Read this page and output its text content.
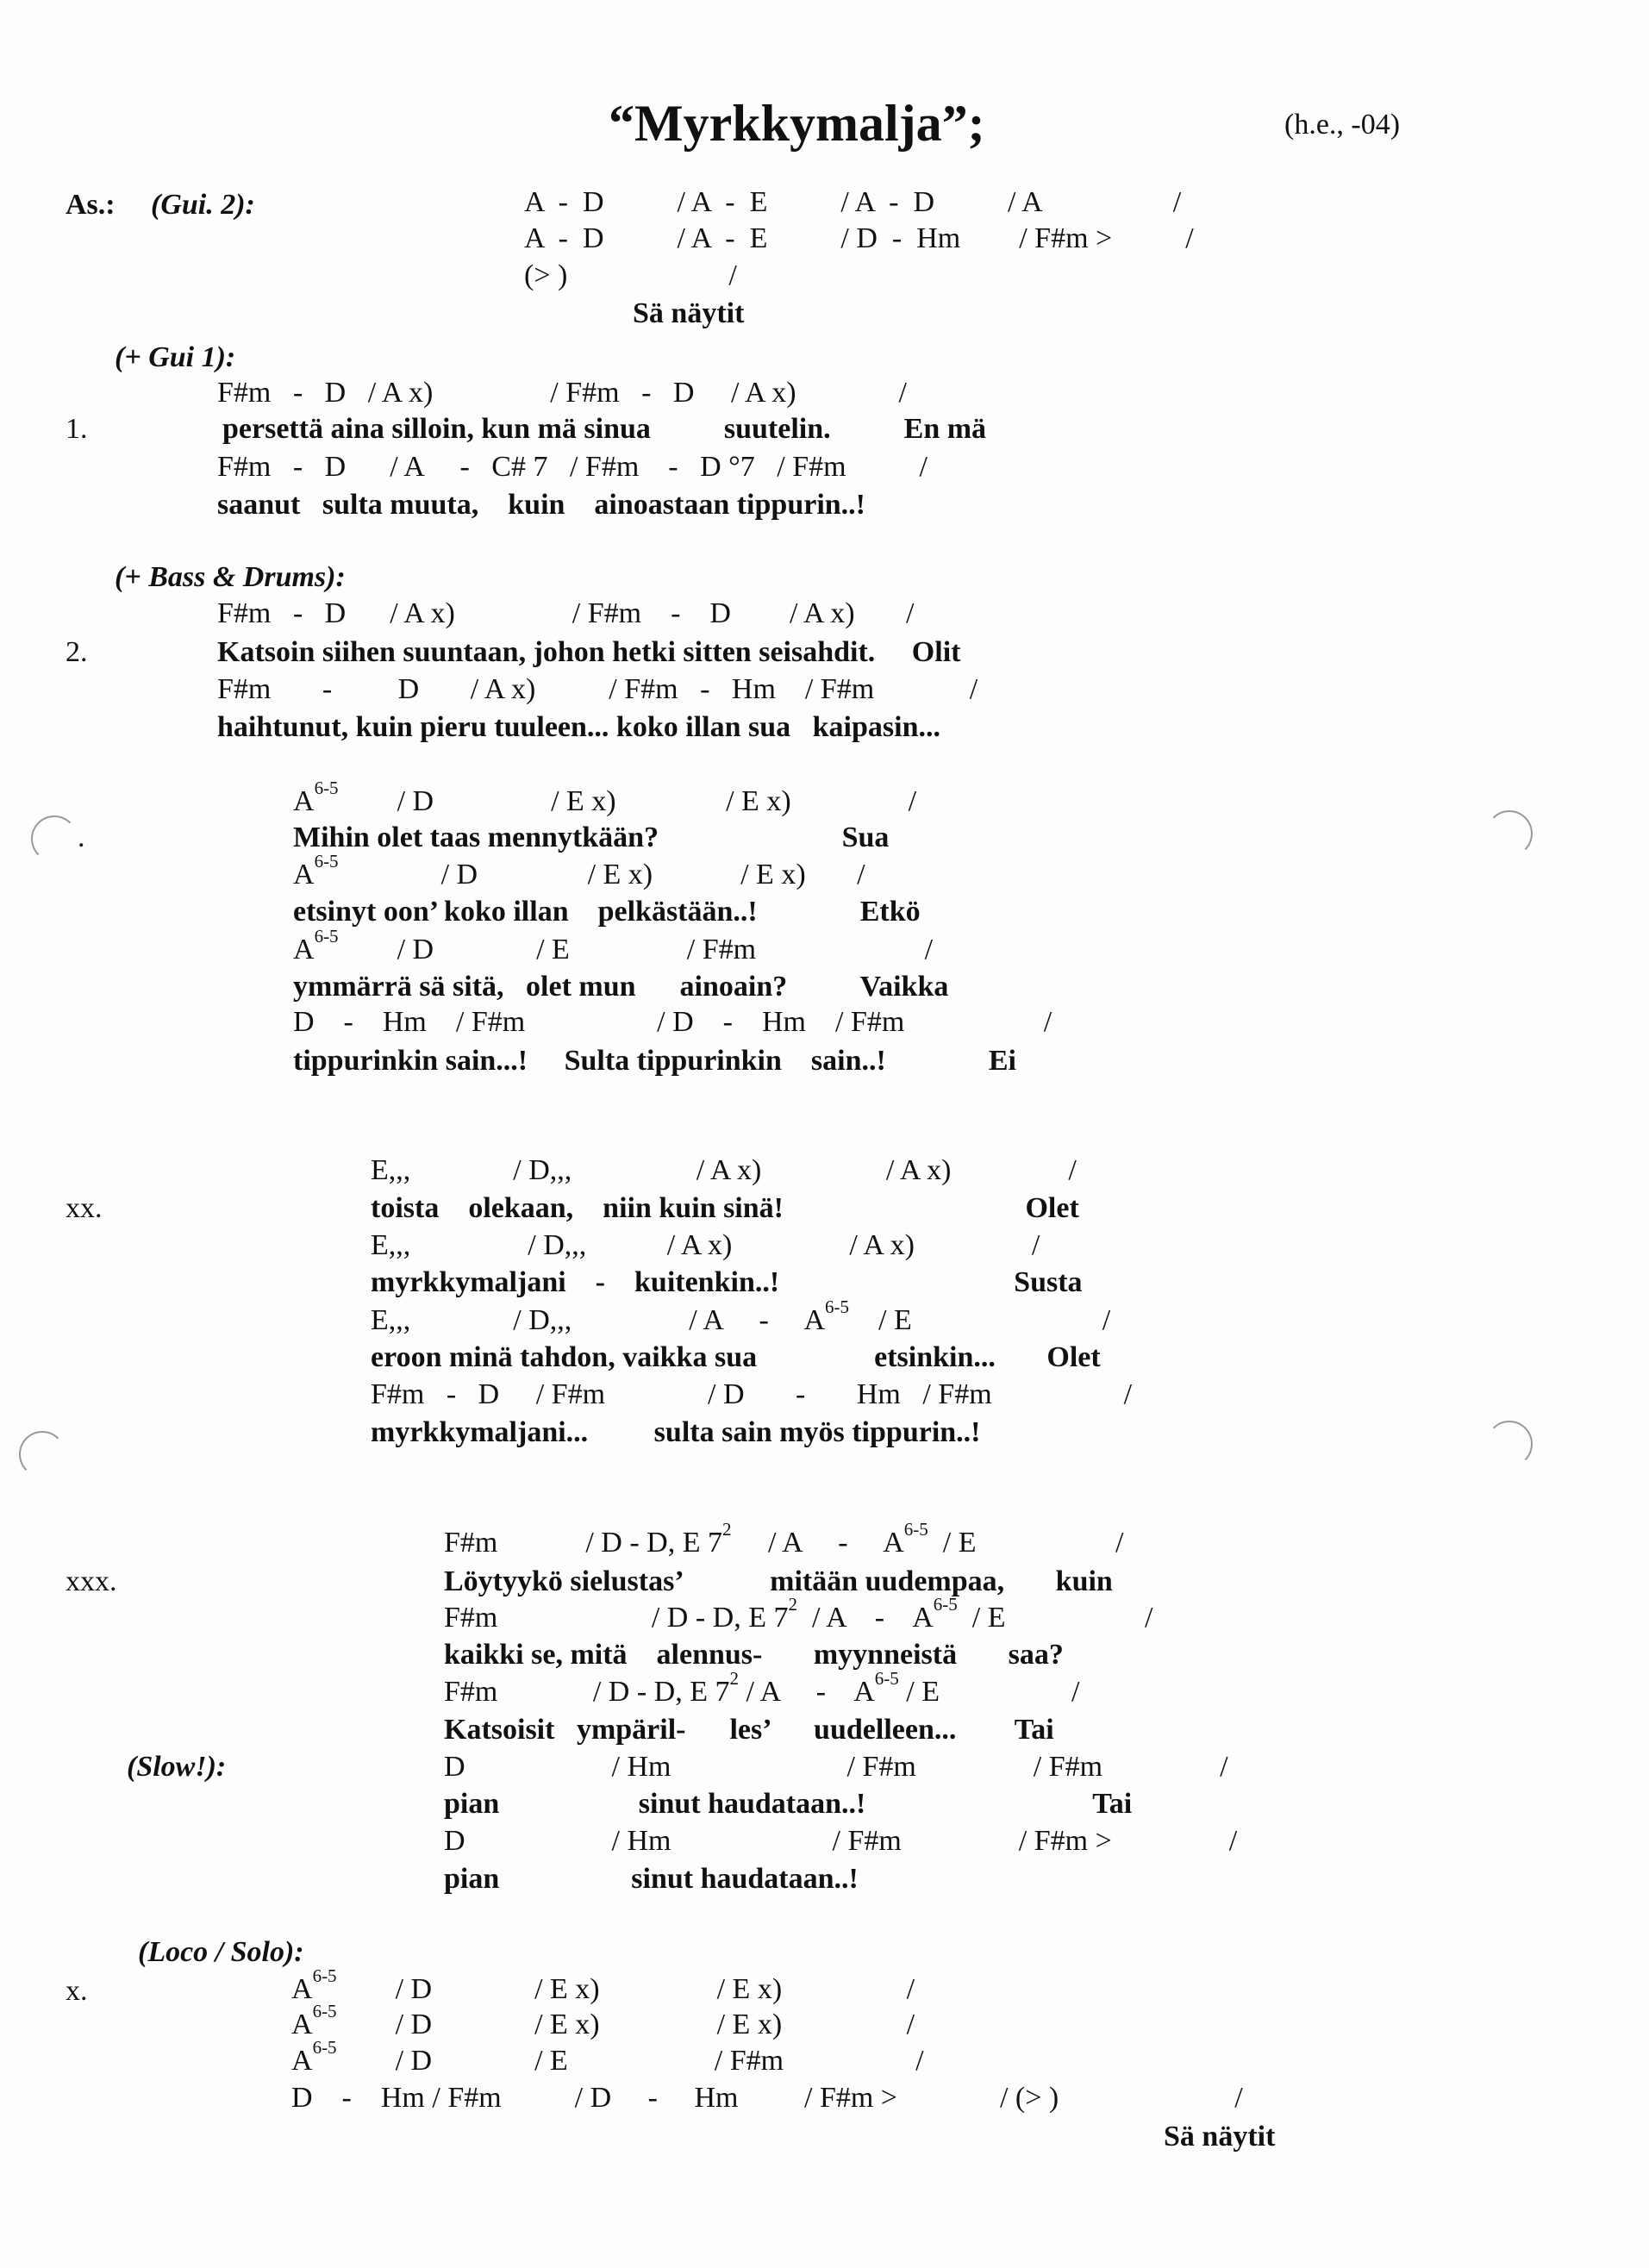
“Myrkkymalja”;	(h.e., -04)
As.: (Gui. 2):	A  -  D          / A  -  E          / A  -  D          / A                  /
A  -  D          / A  -  E          / D  -  Hm        / F#m >          /
(> )                      /
Sä näytit
(+ Gui 1):
F#m   -   D   / A x)                / F#m   -   D     / A x)              /
1.	persettä aina silloin, kun mä sinua          suutelin.          En mä
F#m   -   D      / A     -   C# 7   / F#m    -   D °7   / F#m          /
saanut   sulta muuta,    kuin    ainoastaan tippurin..!
(+ Bass & Drums):
F#m   -   D      / A x)                / F#m    -    D        / A x)       /
2.	Katsoin siihen suuntaan, johon hetki sitten seisahdit.     Olit
F#m       -         D       / A x)          / F#m   -   Hm    / F#m             /
haihtunut, kuin pieru tuuleen... koko illan sua   kaipasin...
$A^{6-5}$ / D                / E x)               / E x)                /
.	Mihin olet taas mennytkään?                         Sua
$A^{6-5}$	/ D               / E x)            / E x)       /
etsinyt oon’ koko illan    pelkästään..!              Etkö
$A^{6-5}$ / D              / E                / F#m                       /
ymmärrä sä sitä,   olet mun      ainoain?          Vaikka
D    -    Hm    / F#m                  / D    -    Hm    / F#m                   /
tippurinkin sain...!     Sulta tippurinkin    sain..!              Ei
E,,,              / D,,,                 / A x)                 / A x)                /
xx.	toista    olekaan,    niin kuin sinä!                                 Olet
E,,,                / D,,,           / A x)                / A x)                /
myrkkymaljani    -    kuitenkin..!                                Susta
E,,,              / D,,,                / A     -     $A^{6-5}$    / E                          /
eroon minä tahdon, vaikka sua                etsinkin...       Olet
F#m   -   D     / F#m              / D       -       Hm   / F#m                  /
myrkkymaljani...         sulta sain myös tippurin..!
F#m            / D - D, E $7^2$     / A     -     $A^{6-5}$  / E                   /
xxx.	Löytyykö sielustas’            mitään uudempaa,       kuin
F#m                     / D - D, E $7^2$  / A    -    $A^{6-5}$  / E                   /
kaikki se, mitä    alennus-       myynneistä       saa?
F#m             / D - D, E $7^2$ / A     -    $A^{6-5}$ / E                  /
Katsoisit   ympäril-      les’      uudelleen...        Tai
(Slow!):	D                    / Hm                        / F#m                / F#m                /
pian                   sinut haudataan..!                               Tai
D                    / Hm                      / F#m                / F#m >                /
pian                  sinut haudataan..!
(Loco / Solo):
x.	$A^{6-5}$ / D              / E x)                / E x)                 /
$A^{6-5}$ / D              / E x)                / E x)                 /
$A^{6-5}$ / D              / E                    / F#m                  /
D    -    Hm / F#m          / D     -     Hm         / F#m >              / (> )                        /
Sä näytit
